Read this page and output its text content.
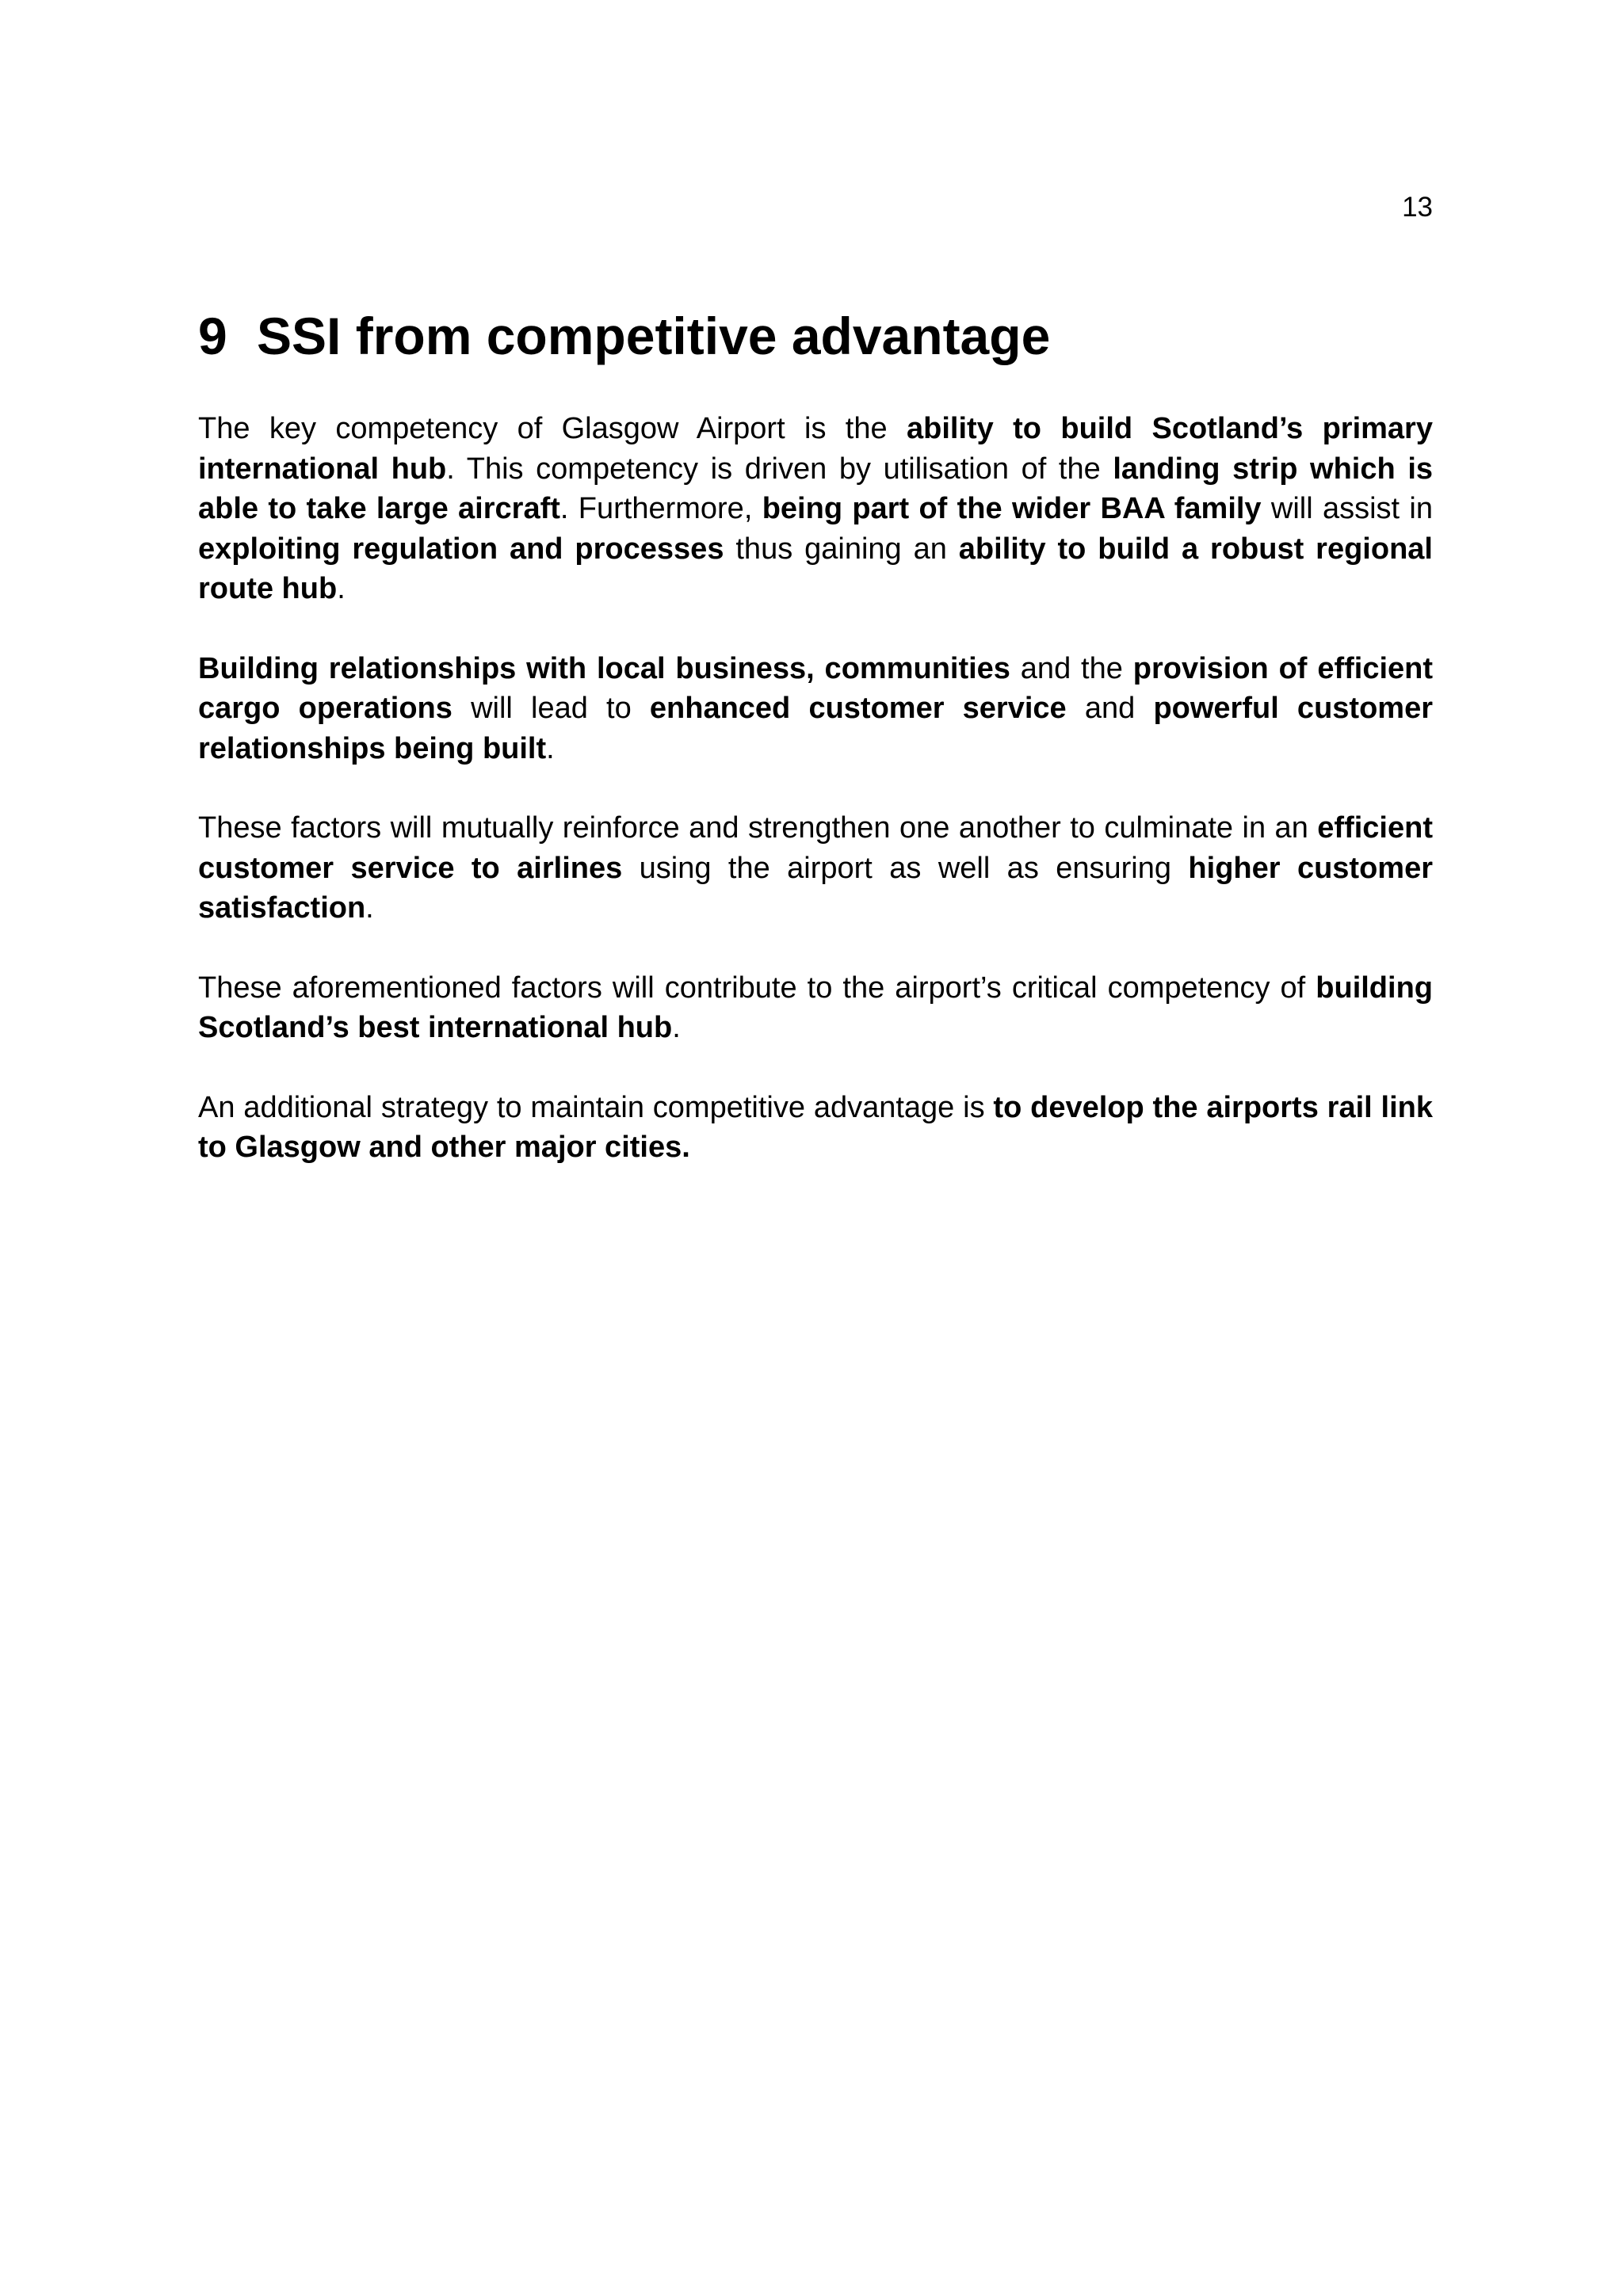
13
9 SSI from competitive advantage

The key competency of Glasgow Airport is the ability to build Scotland’s primary international hub. This competency is driven by utilisation of the landing strip which is able to take large aircraft. Furthermore, being part of the wider BAA family will assist in exploiting regulation and processes thus gaining an ability to build a robust regional route hub.

Building relationships with local business, communities and the provision of efficient cargo operations will lead to enhanced customer service and powerful customer relationships being built.

These factors will mutually reinforce and strengthen one another to culminate in an efficient customer service to airlines using the airport as well as ensuring higher customer satisfaction.

These aforementioned factors will contribute to the airport’s critical competency of building Scotland’s best international hub.

An additional strategy to maintain competitive advantage is to develop the airports rail link to Glasgow and other major cities.
